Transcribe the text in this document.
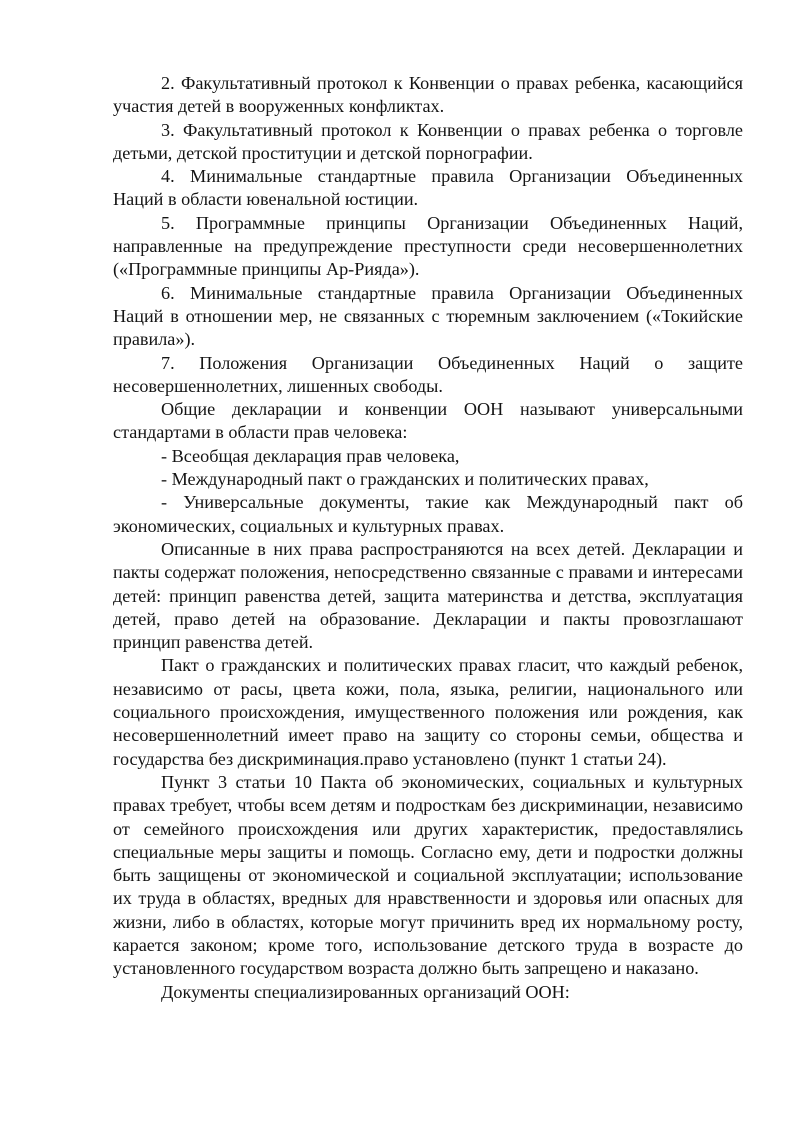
2. Факультативный протокол к Конвенции о правах ребенка, касающийся участия детей в вооруженных конфликтах.

3. Факультативный протокол к Конвенции о правах ребенка о торговле детьми, детской проституции и детской порнографии.

4. Минимальные стандартные правила Организации Объединенных Наций в области ювенальной юстиции.

5. Программные принципы Организации Объединенных Наций, направленные на предупреждение преступности среди несовершеннолетних («Программные принципы Ар-Рияда»).

6. Минимальные стандартные правила Организации Объединенных Наций в отношении мер, не связанных с тюремным заключением («Токийские правила»).

7. Положения Организации Объединенных Наций о защите несовершеннолетних, лишенных свободы.

Общие декларации и конвенции ООН называют универсальными стандартами в области прав человека:

- Всеобщая декларация прав человека,

- Международный пакт о гражданских и политических правах,

- Универсальные документы, такие как Международный пакт об экономических, социальных и культурных правах.

Описанные в них права распространяются на всех детей. Декларации и пакты содержат положения, непосредственно связанные с правами и интересами детей: принцип равенства детей, защита материнства и детства, эксплуатация детей, право детей на образование. Декларации и пакты провозглашают принцип равенства детей.

Пакт о гражданских и политических правах гласит, что каждый ребенок, независимо от расы, цвета кожи, пола, языка, религии, национального или социального происхождения, имущественного положения или рождения, как несовершеннолетний имеет право на защиту со стороны семьи, общества и государства без дискриминация.право установлено (пункт 1 статьи 24).

Пункт 3 статьи 10 Пакта об экономических, социальных и культурных правах требует, чтобы всем детям и подросткам без дискриминации, независимо от семейного происхождения или других характеристик, предоставлялись специальные меры защиты и помощь. Согласно ему, дети и подростки должны быть защищены от экономической и социальной эксплуатации; использование их труда в областях, вредных для нравственности и здоровья или опасных для жизни, либо в областях, которые могут причинить вред их нормальному росту, карается законом; кроме того, использование детского труда в возрасте до установленного государством возраста должно быть запрещено и наказано.

Документы специализированных организаций ООН:
